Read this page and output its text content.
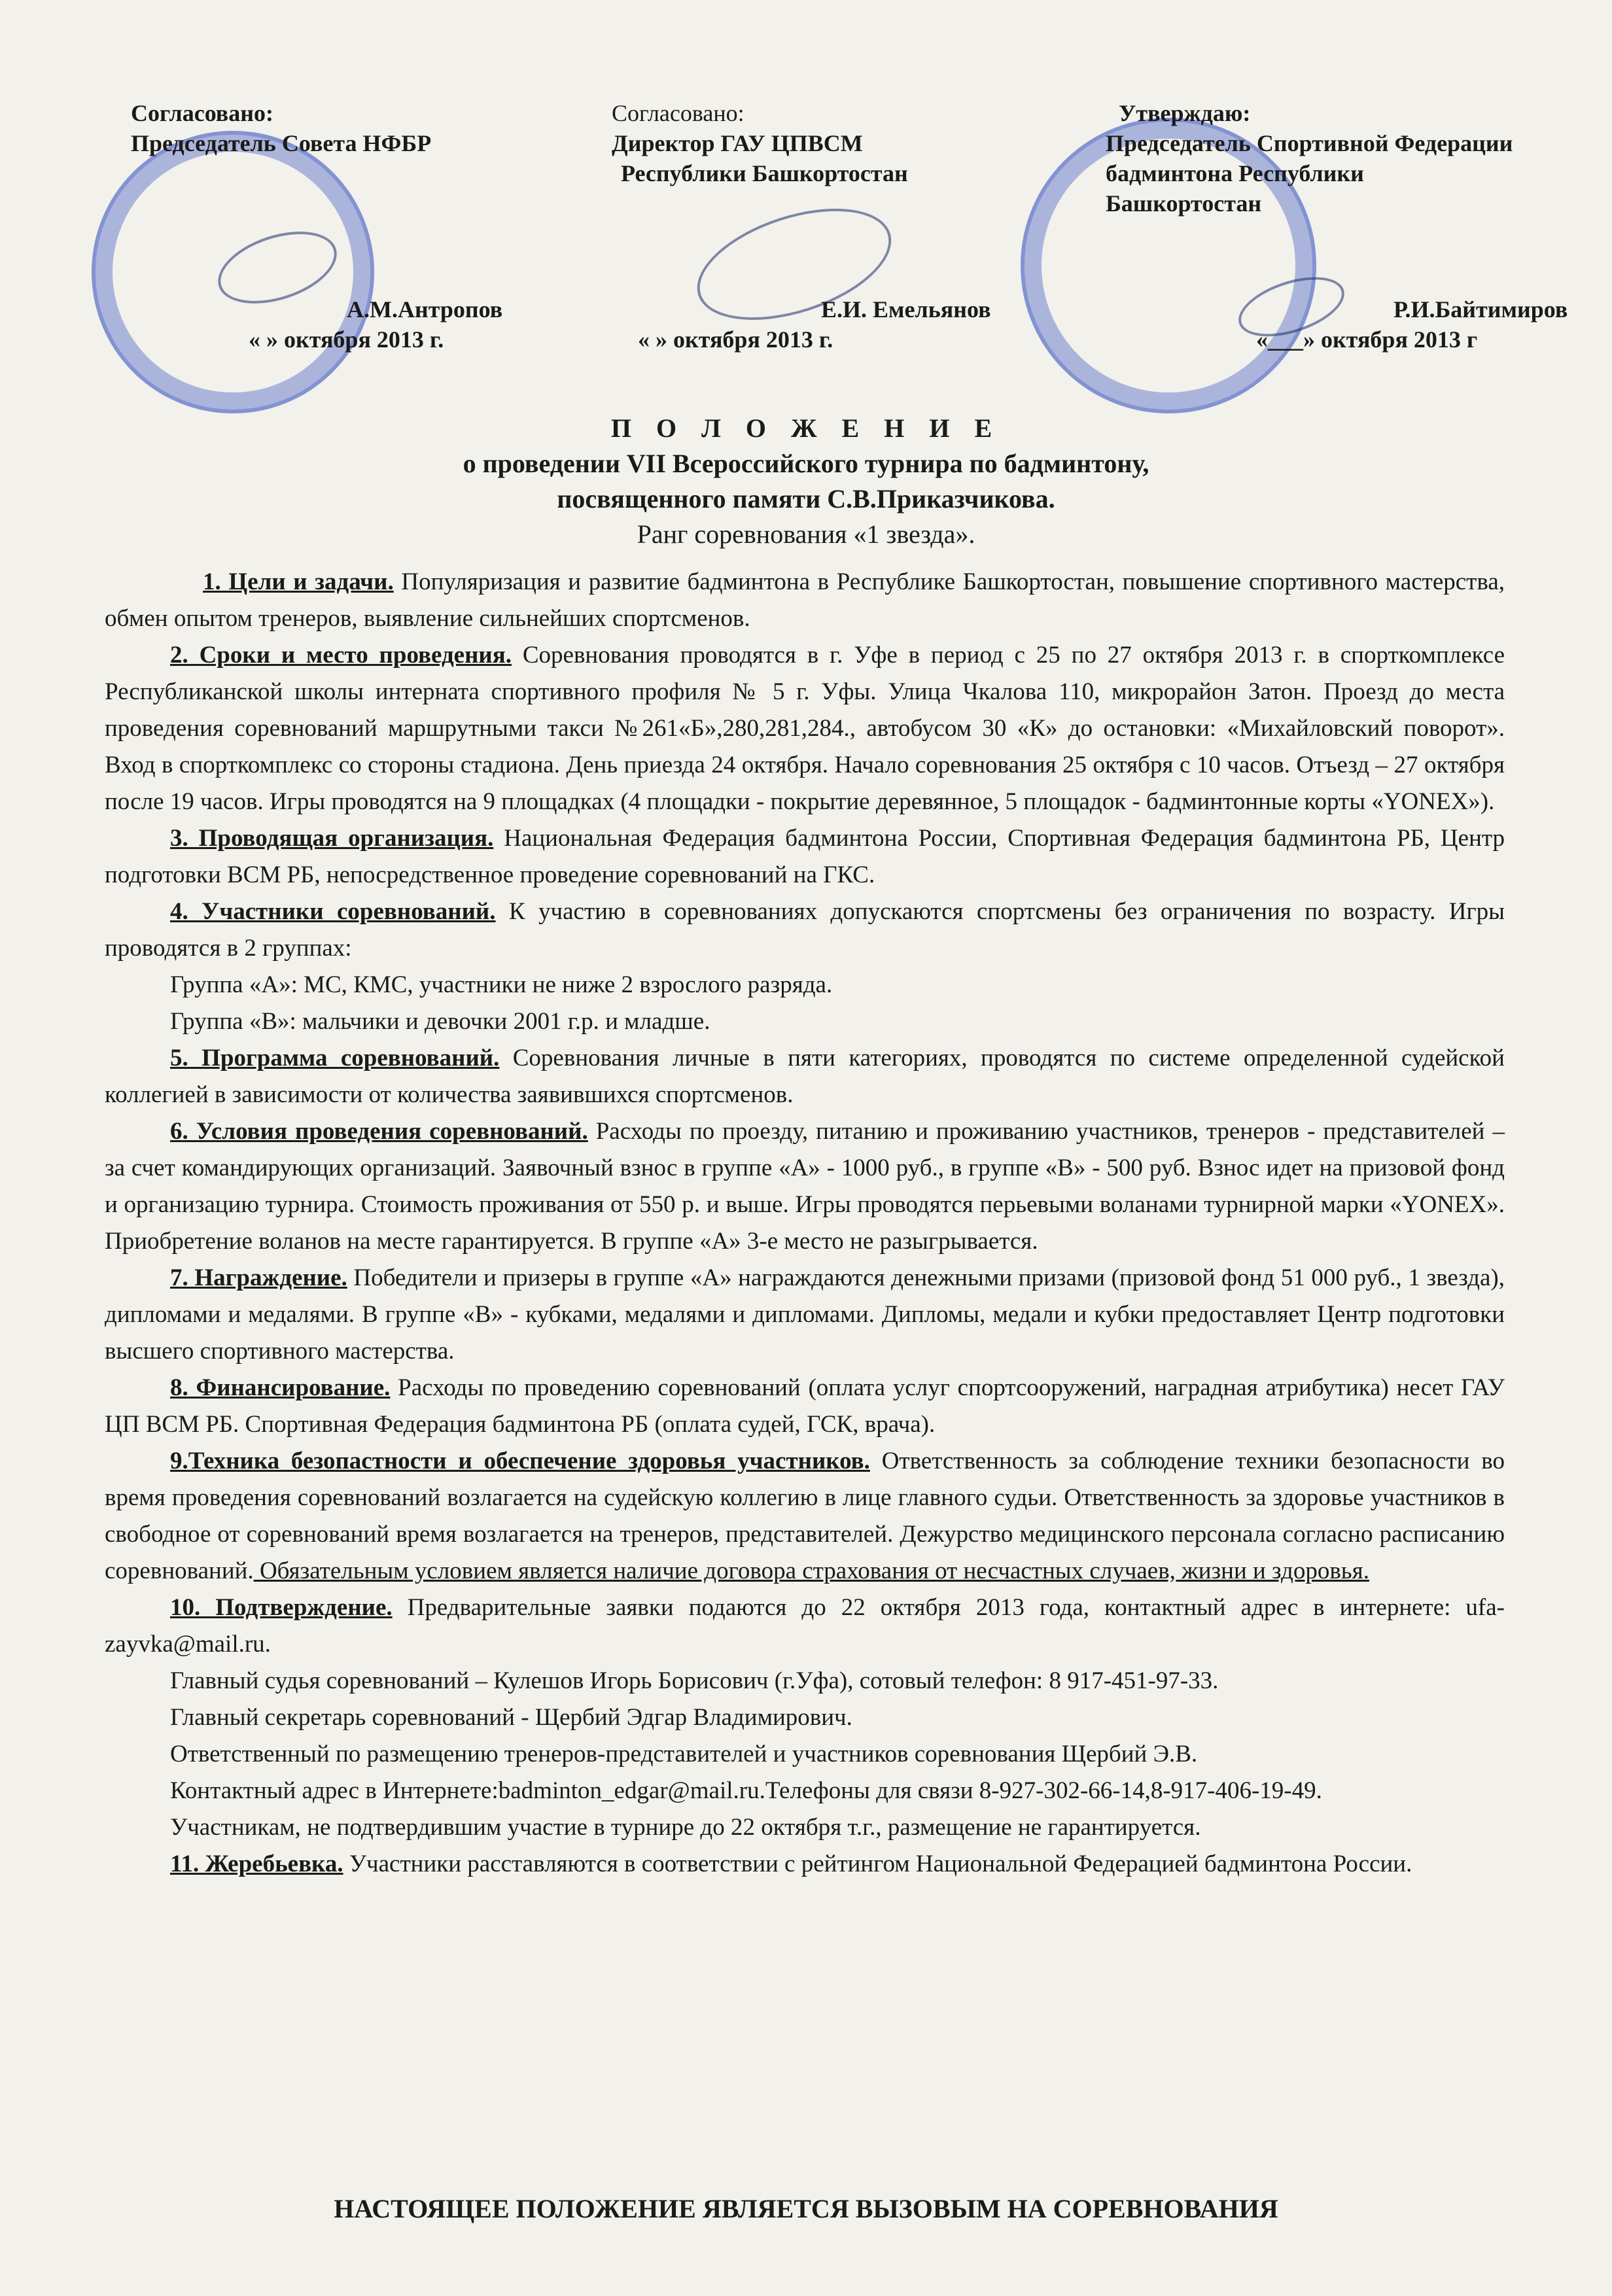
Согласовано:
Председатель Совета НФБР
А.М.Антропов
« » октября 2013 г.
Согласовано:
Директор ГАУ ЦПВСМ
Республики Башкортостан
Е.И. Емельянов
« » октября 2013 г.
Утверждаю:
Председатель Спортивной Федерации
бадминтона Республики
Башкортостан
Р.И.Байтимиров
«___» октября 2013 г
П О Л О Ж Е Н И Е
о проведении VII Всероссийского турнира по бадминтону,
посвященного памяти С.В.Приказчикова.
Ранг соревнования «1 звезда».

1. Цели и задачи. Популяризация и развитие бадминтона в Республике Башкортостан, повышение спортивного мастерства, обмен опытом тренеров, выявление сильнейших спортсменов.

2. Сроки и место проведения. Соревнования проводятся в г. Уфе в период с 25 по 27 октября 2013 г. в спорткомплексе Республиканской школы интерната спортивного профиля № 5 г. Уфы. Улица Чкалова 110, микрорайон Затон. Проезд до места проведения соревнований маршрутными такси №261«Б»,280,281,284., автобусом 30 «К» до остановки: «Михайловский поворот». Вход в спорткомплекс со стороны стадиона. День приезда 24 октября. Начало соревнования 25 октября с 10 часов. Отъезд – 27 октября после 19 часов. Игры проводятся на 9 площадках (4 площадки - покрытие деревянное, 5 площадок - бадминтонные корты «YONEX»).

3. Проводящая организация. Национальная Федерация бадминтона России, Спортивная Федерация бадминтона РБ, Центр подготовки ВСМ РБ, непосредственное проведение соревнований на ГКС.

4. Участники соревнований. К участию в соревнованиях допускаются спортсмены без ограничения по возрасту. Игры проводятся в 2 группах:

Группа «А»: МС, КМС, участники не ниже 2 взрослого разряда.

Группа «В»: мальчики и девочки 2001 г.р. и младше.

5. Программа соревнований. Соревнования личные в пяти категориях, проводятся по системе определенной судейской коллегией в зависимости от количества заявившихся спортсменов.

6. Условия проведения соревнований. Расходы по проезду, питанию и проживанию участников, тренеров - представителей – за счет командирующих организаций. Заявочный взнос в группе «А» - 1000 руб., в группе «В» - 500 руб. Взнос идет на призовой фонд и организацию турнира. Стоимость проживания от 550 р. и выше. Игры проводятся перьевыми воланами турнирной марки «YONEX». Приобретение воланов на месте гарантируется. В группе «А» 3-е место не разыгрывается.

7. Награждение. Победители и призеры в группе «А» награждаются денежными призами (призовой фонд 51 000 руб., 1 звезда), дипломами и медалями. В группе «В» - кубками, медалями и дипломами. Дипломы, медали и кубки предоставляет Центр подготовки высшего спортивного мастерства.

8. Финансирование. Расходы по проведению соревнований (оплата услуг спортсооружений, наградная атрибутика) несет ГАУ ЦП ВСМ РБ. Спортивная Федерация бадминтона РБ (оплата судей, ГСК, врача).

9.Техника безопастности и обеспечение здоровья участников. Ответственность за соблюдение техники безопасности во время проведения соревнований возлагается на судейскую коллегию в лице главного судьи. Ответственность за здоровье участников в свободное от соревнований время возлагается на тренеров, представителей. Дежурство медицинского персонала согласно расписанию соревнований. Обязательным условием является наличие договора страхования от несчастных случаев, жизни и здоровья.

10. Подтверждение. Предварительные заявки подаются до 22 октября 2013 года, контактный адрес в интернете: ufa-zayvka@mail.ru.

Главный судья соревнований – Кулешов Игорь Борисович (г.Уфа), сотовый телефон: 8 917-451-97-33.

Главный секретарь соревнований - Щербий Эдгар Владимирович.

Ответственный по размещению тренеров-представителей и участников соревнования Щербий Э.В.

Контактный адрес в Интернете:badminton_edgar@mail.ru.Телефоны для связи 8-927-302-66-14,8-917-406-19-49.

Участникам, не подтвердившим участие в турнире до 22 октября т.г., размещение не гарантируется.

11. Жеребьевка. Участники расставляются в соответствии с рейтингом Национальной Федерацией бадминтона России.

НАСТОЯЩЕЕ ПОЛОЖЕНИЕ ЯВЛЯЕТСЯ ВЫЗОВЫМ НА СОРЕВНОВАНИЯ
